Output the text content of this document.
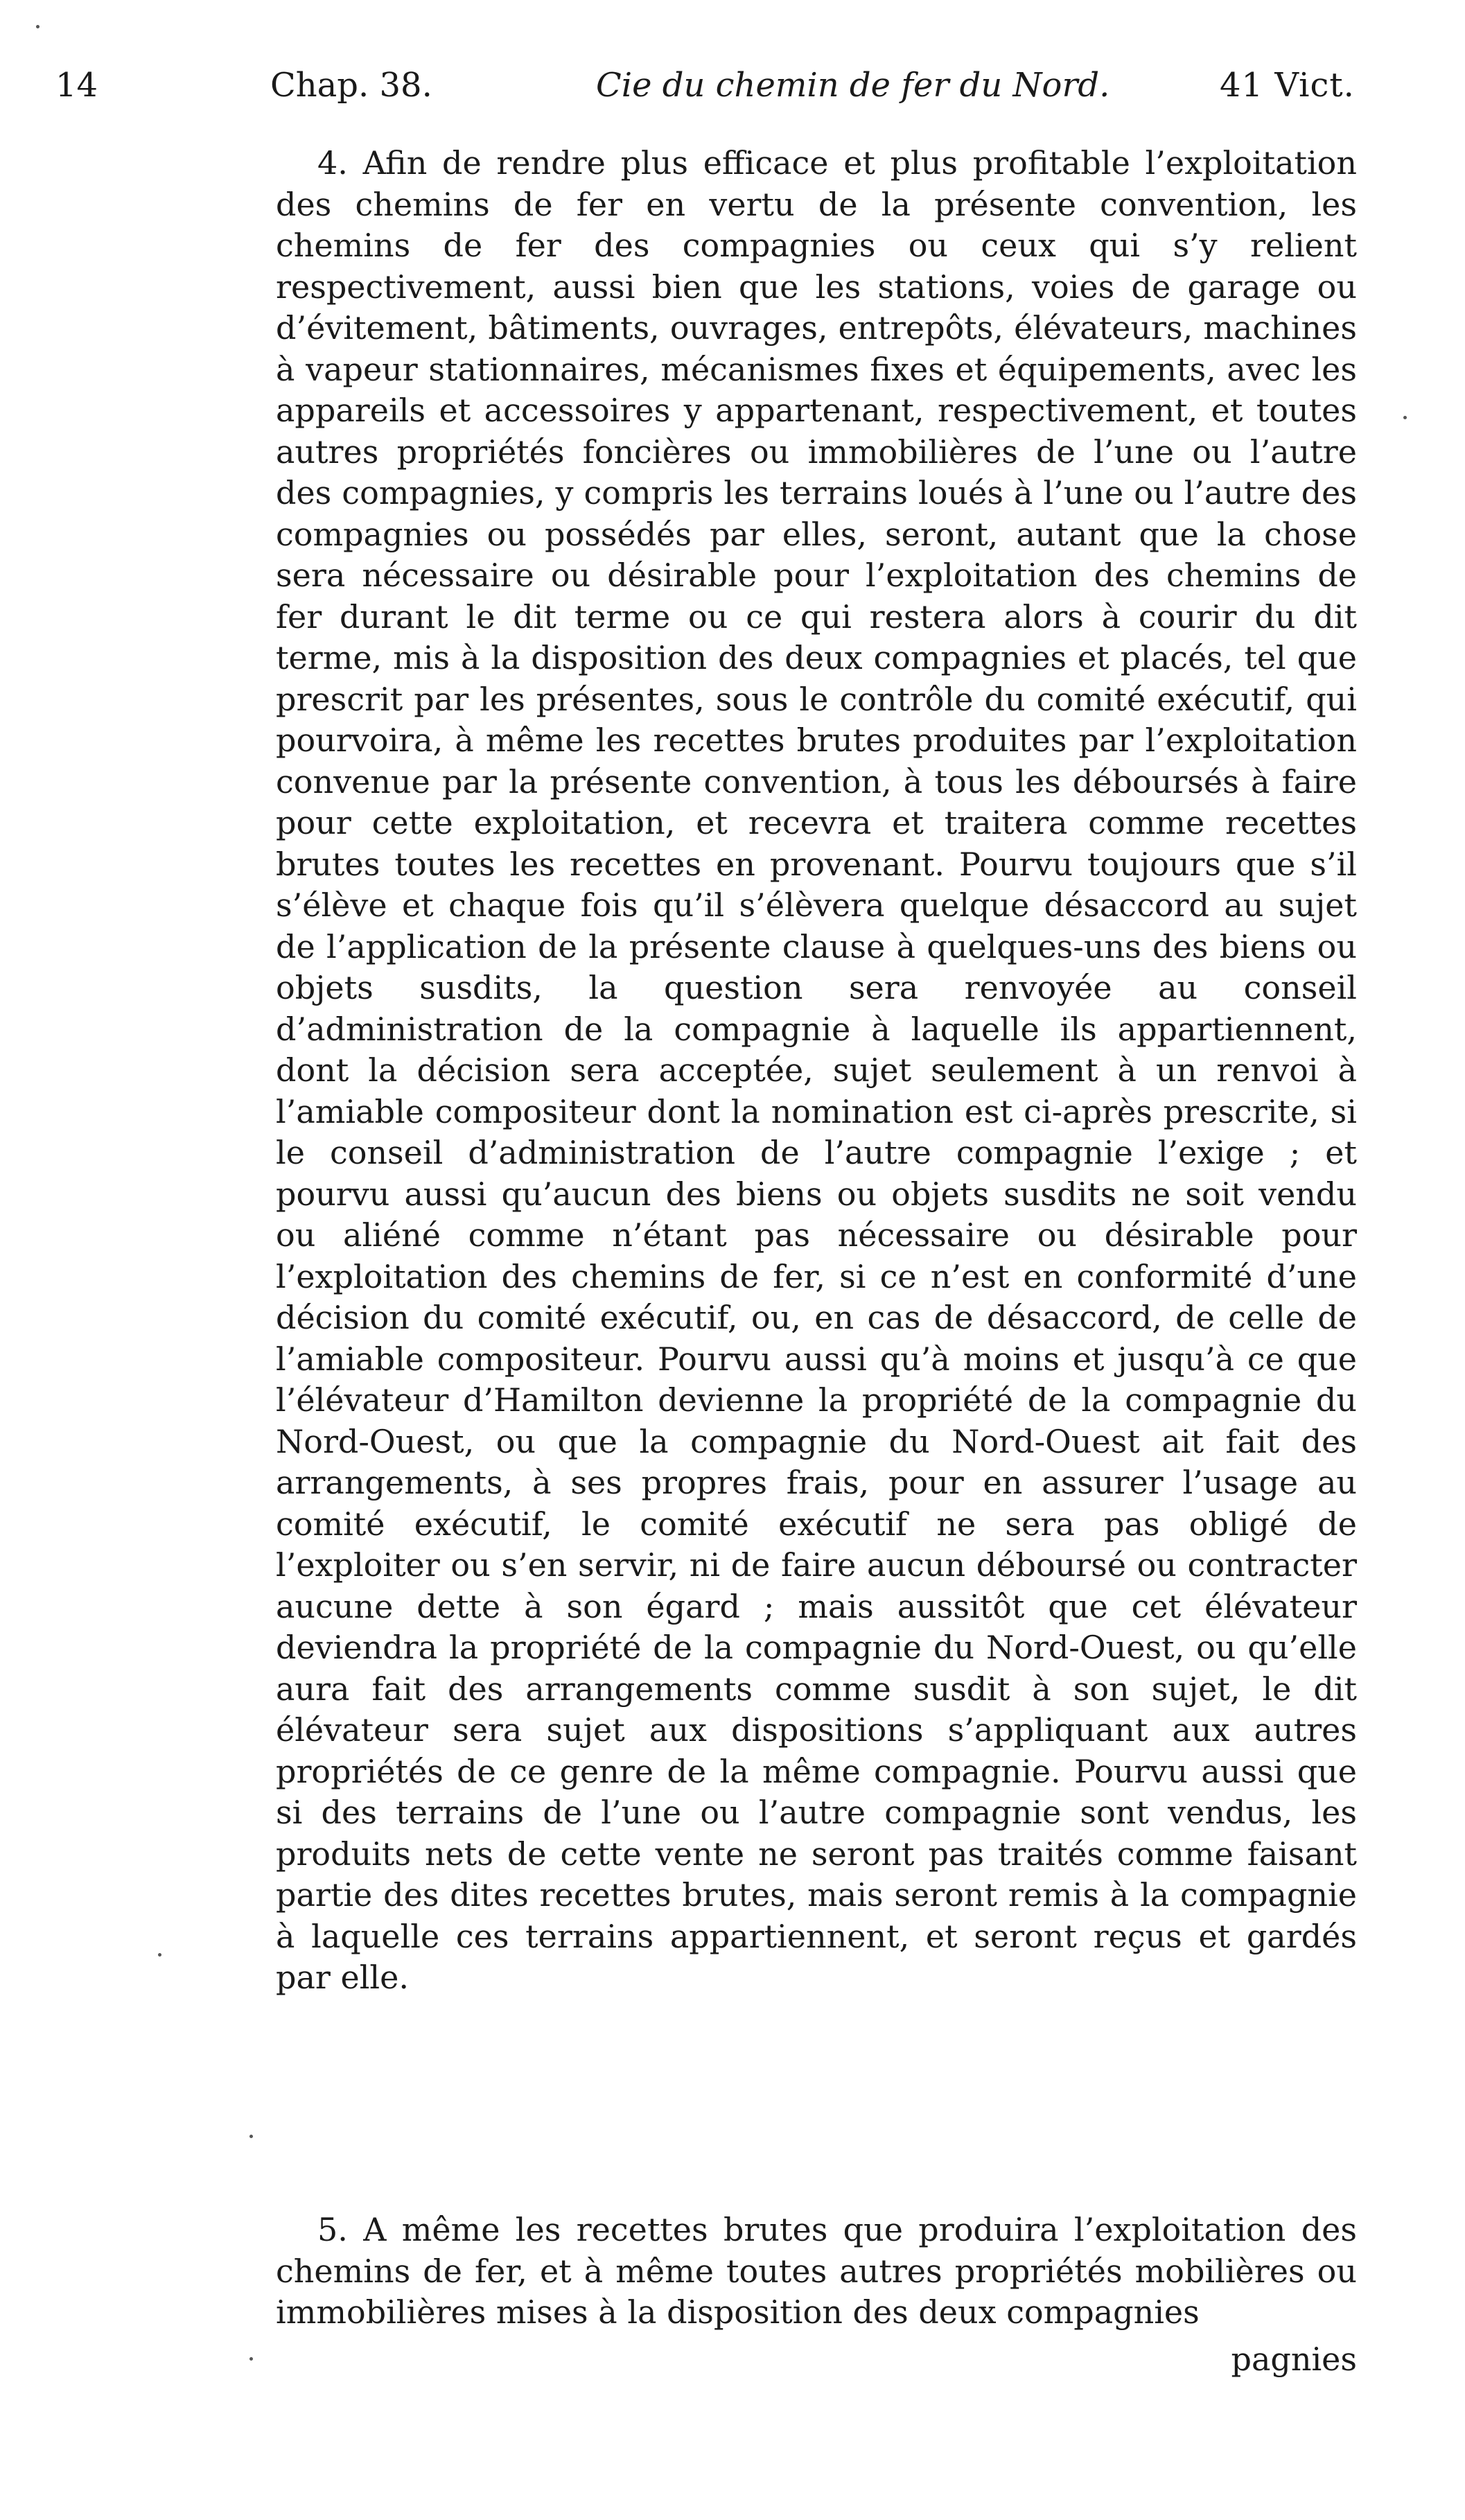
14	Chap. 38.	Cie du chemin de fer du Nord.	41 Vict.

4. Afin de rendre plus efficace et plus profitable l’exploitation des chemins de fer en vertu de la présente convention, les chemins de fer des compagnies ou ceux qui s’y relient respectivement, aussi bien que les stations, voies de garage ou d’évitement, bâtiments, ouvrages, entrepôts, élévateurs, machines à vapeur stationnaires, mécanismes fixes et équipements, avec les appareils et accessoires y appartenant, respectivement, et toutes autres propriétés foncières ou immobilières de l’une ou l’autre des compagnies, y compris les terrains loués à l’une ou l’autre des compagnies ou possédés par elles, seront, autant que la chose sera nécessaire ou désirable pour l’exploitation des chemins de fer durant le dit terme ou ce qui restera alors à courir du dit terme, mis à la disposition des deux compagnies et placés, tel que prescrit par les présentes, sous le contrôle du comité exécutif, qui pourvoira, à même les recettes brutes produites par l’exploitation convenue par la présente convention, à tous les déboursés à faire pour cette exploitation, et recevra et traitera comme recettes brutes toutes les recettes en provenant. Pourvu toujours que s’il s’élève et chaque fois qu’il s’élèvera quelque désaccord au sujet de l’application de la présente clause à quelques-uns des biens ou objets susdits, la question sera renvoyée au conseil d’administration de la compagnie à laquelle ils appartiennent, dont la décision sera acceptée, sujet seulement à un renvoi à l’amiable compositeur dont la nomination est ci-après prescrite, si le conseil d’administration de l’autre compagnie l’exige ; et pourvu aussi qu’aucun des biens ou objets susdits ne soit vendu ou aliéné comme n’étant pas nécessaire ou désirable pour l’exploitation des chemins de fer, si ce n’est en conformité d’une décision du comité exécutif, ou, en cas de désaccord, de celle de l’amiable compositeur. Pourvu aussi qu’à moins et jusqu’à ce que l’élévateur d’Hamilton devienne la propriété de la compagnie du Nord-Ouest, ou que la compagnie du Nord-Ouest ait fait des arrangements, à ses propres frais, pour en assurer l’usage au comité exécutif, le comité exécutif ne sera pas obligé de l’exploiter ou s’en servir, ni de faire aucun déboursé ou contracter aucune dette à son égard ; mais aussitôt que cet élévateur deviendra la propriété de la compagnie du Nord-Ouest, ou qu’elle aura fait des arrangements comme susdit à son sujet, le dit élévateur sera sujet aux dispositions s’appliquant aux autres propriétés de ce genre de la même compagnie. Pourvu aussi que si des terrains de l’une ou l’autre compagnie sont vendus, les produits nets de cette vente ne seront pas traités comme faisant partie des dites recettes brutes, mais seront remis à la compagnie à laquelle ces terrains appartiennent, et seront reçus et gardés par elle.

5. A même les recettes brutes que produira l’exploitation des chemins de fer, et à même toutes autres propriétés mobilières ou immobilières mises à la disposition des deux compagnies

pagnies
